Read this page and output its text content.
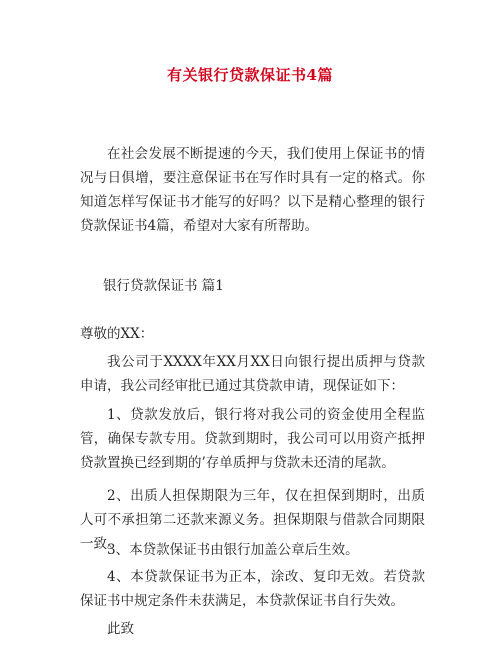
有关银行贷款保证书4篇
在社会发展不断提速的今天，我们使用上保证书的情况与日俱增，要注意保证书在写作时具有一定的格式。你知道怎样写保证书才能写的好吗？以下是精心整理的银行贷款保证书4篇，希望对大家有所帮助。
银行贷款保证书 篇1
尊敬的XX：
我公司于XXXX年XX月XX日向银行提出质押与贷款申请，我公司经审批已通过其贷款申请，现保证如下：
1、贷款发放后，银行将对我公司的资金使用全程监管，确保专款专用。贷款到期时，我公司可以用资产抵押贷款置换已经到期的’存单质押与贷款未还清的尾款。
2、出质人担保期限为三年，仅在担保到期时，出质人可不承担第二还款来源义务。担保期限与借款合同期限一致。
3、本贷款保证书由银行加盖公章后生效。
4、本贷款保证书为正本，涂改、复印无效。若贷款保证书中规定条件未获满足，本贷款保证书自行失效。
此致
